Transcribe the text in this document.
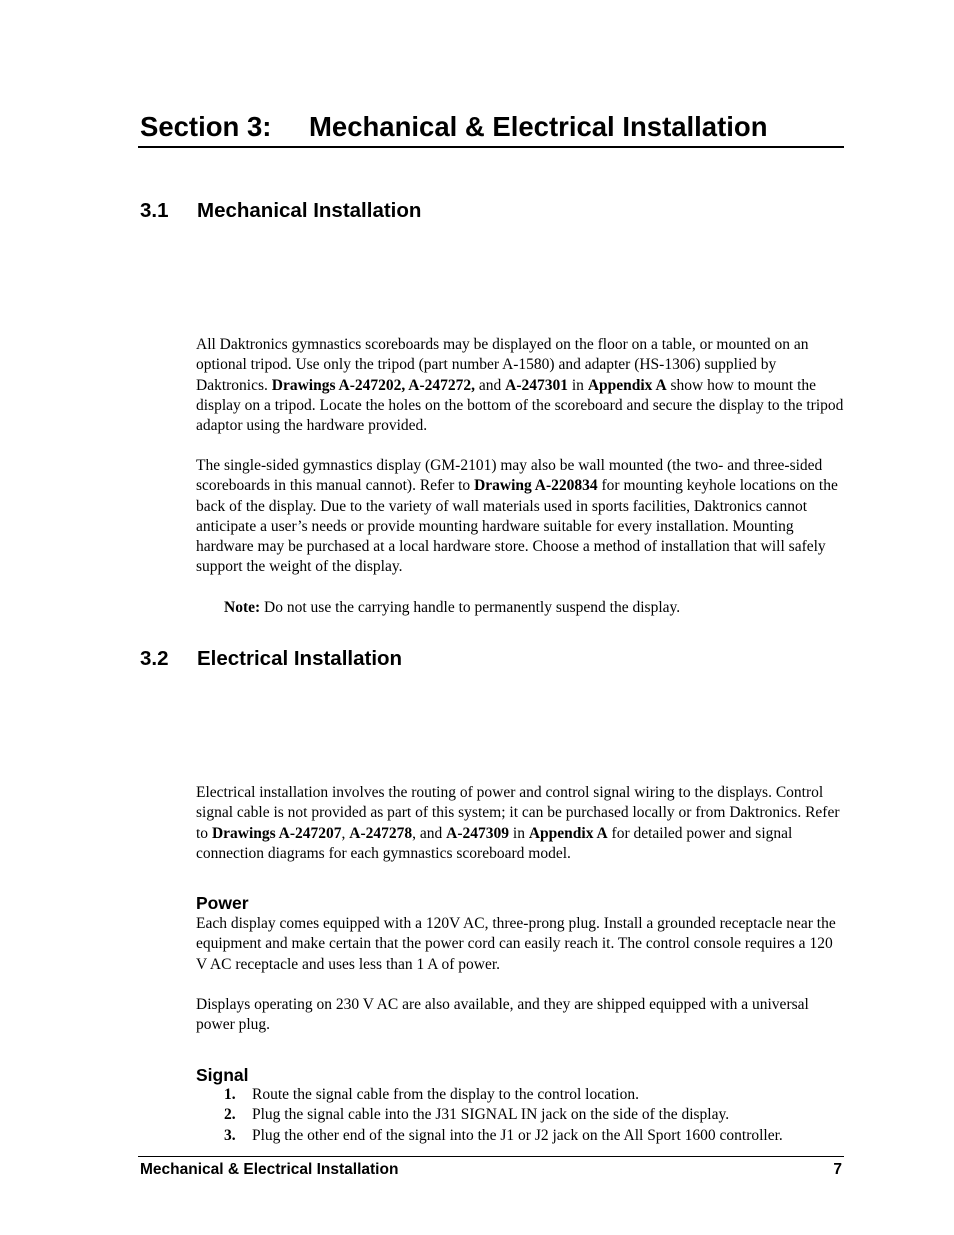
Section 3: Mechanical & Electrical Installation
3.1 Mechanical Installation

All Daktronics gymnastics scoreboards may be displayed on the floor on a table, or mounted on an optional tripod. Use only the tripod (part number A-1580) and adapter (HS-1306) supplied by Daktronics. Drawings A-247202, A-247272, and A-247301 in Appendix A show how to mount the display on a tripod. Locate the holes on the bottom of the scoreboard and secure the display to the tripod adaptor using the hardware provided.

The single-sided gymnastics display (GM-2101) may also be wall mounted (the two- and three-sided scoreboards in this manual cannot). Refer to Drawing A-220834 for mounting keyhole locations on the back of the display. Due to the variety of wall materials used in sports facilities, Daktronics cannot anticipate a user’s needs or provide mounting hardware suitable for every installation. Mounting hardware may be purchased at a local hardware store. Choose a method of installation that will safely support the weight of the display.

Note: Do not use the carrying handle to permanently suspend the display.

3.2 Electrical Installation

Electrical installation involves the routing of power and control signal wiring to the displays. Control signal cable is not provided as part of this system; it can be purchased locally or from Daktronics. Refer to Drawings A-247207, A-247278, and A-247309 in Appendix A for detailed power and signal connection diagrams for each gymnastics scoreboard model.

Power

Each display comes equipped with a 120V AC, three-prong plug. Install a grounded receptacle near the equipment and make certain that the power cord can easily reach it. The control console requires a 120 V AC receptacle and uses less than 1 A of power.

Displays operating on 230 V AC are also available, and they are shipped equipped with a universal power plug.

Signal
1.	Route the signal cable from the display to the control location.
2.	Plug the signal cable into the J31 SIGNAL IN jack on the side of the display.
3.	Plug the other end of the signal into the J1 or J2 jack on the All Sport 1600 controller.
Mechanical & Electrical Installation	7
